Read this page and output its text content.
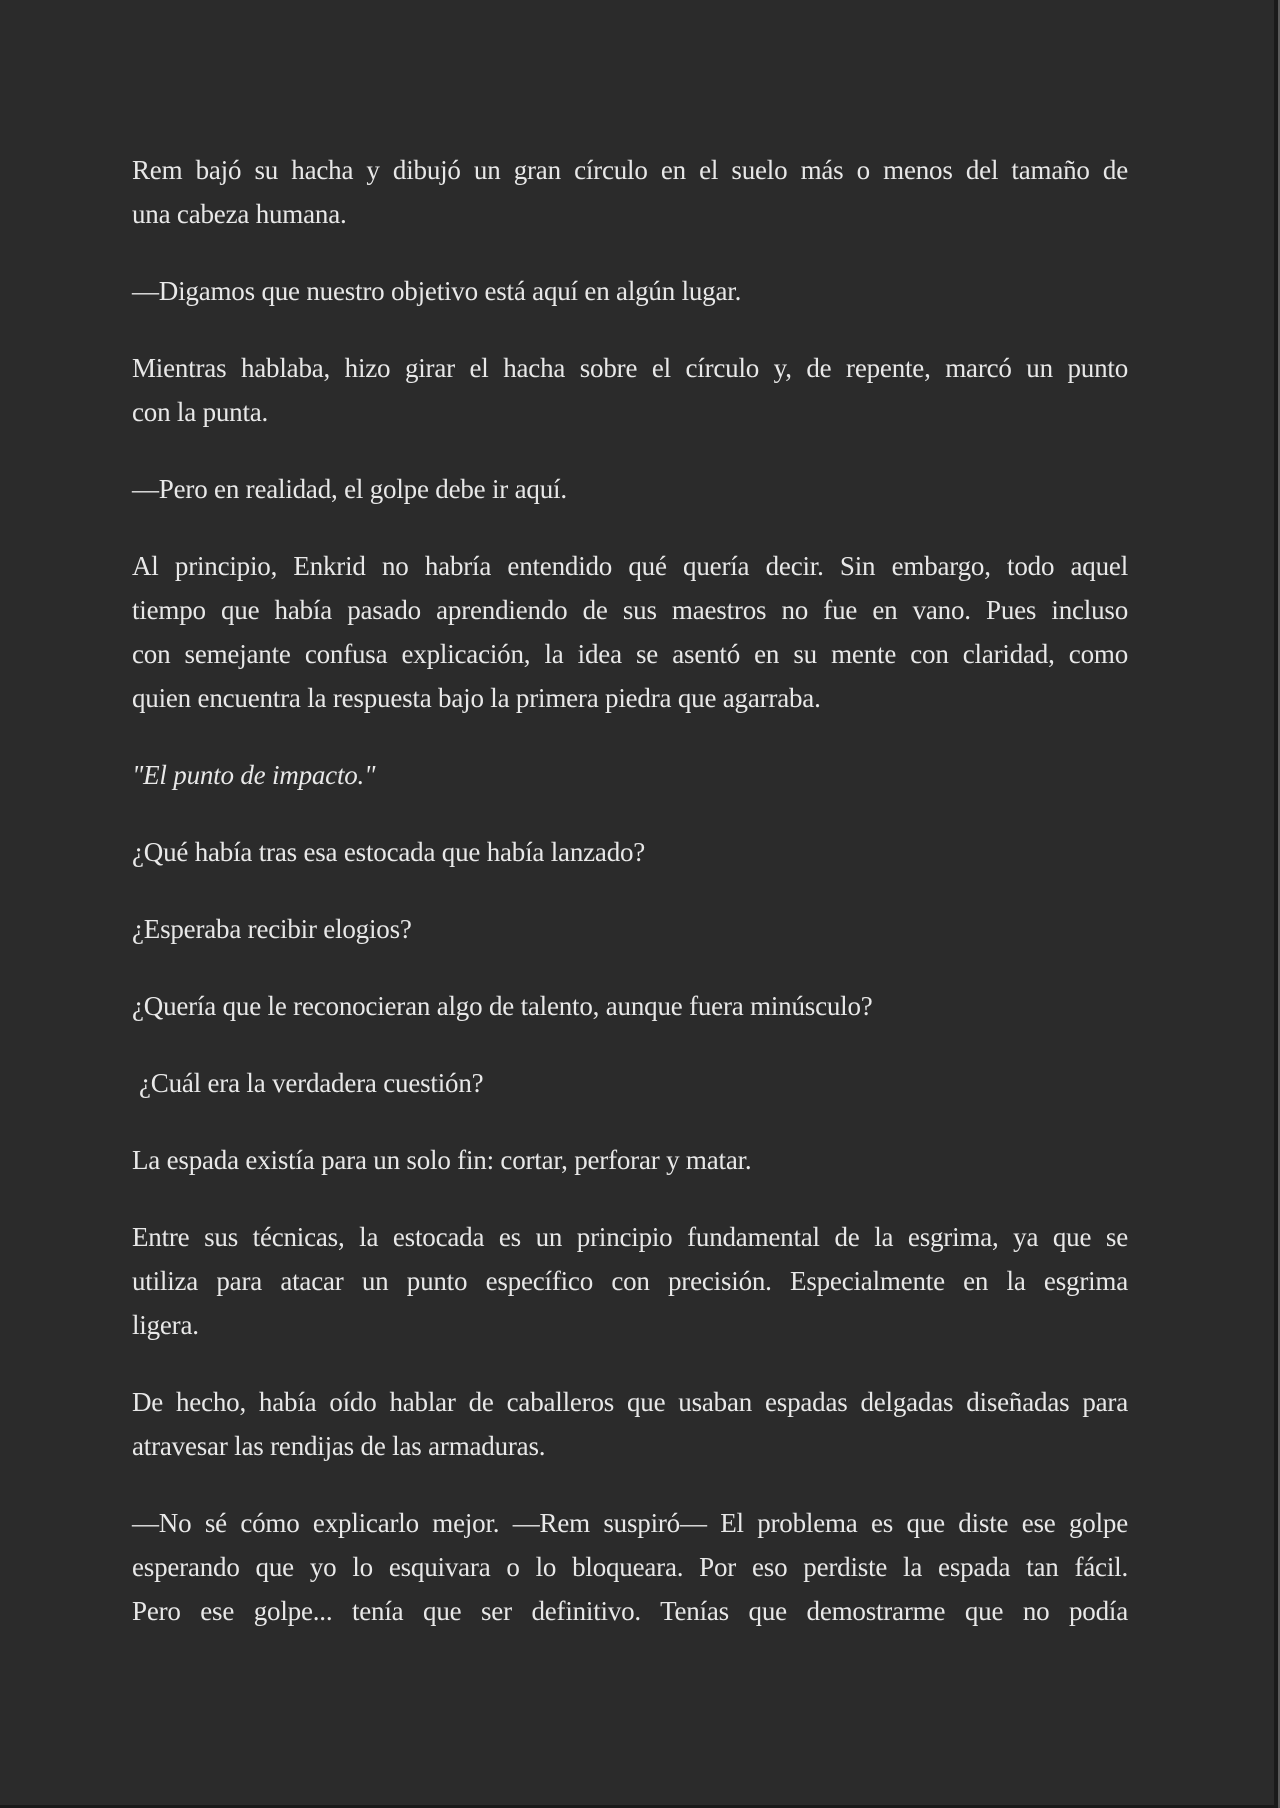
Rem bajó su hacha y dibujó un gran círculo en el suelo más o menos del tamaño de
una cabeza humana.

—Digamos que nuestro objetivo está aquí en algún lugar.

Mientras hablaba, hizo girar el hacha sobre el círculo y, de repente, marcó un punto
con la punta.

—Pero en realidad, el golpe debe ir aquí.

Al principio, Enkrid no habría entendido qué quería decir. Sin embargo, todo aquel
tiempo que había pasado aprendiendo de sus maestros no fue en vano. Pues incluso
con semejante confusa explicación, la idea se asentó en su mente con claridad, como
quien encuentra la respuesta bajo la primera piedra que agarraba.

"El punto de impacto."

¿Qué había tras esa estocada que había lanzado?

¿Esperaba recibir elogios?

¿Quería que le reconocieran algo de talento, aunque fuera minúsculo?

¿Cuál era la verdadera cuestión?

La espada existía para un solo fin: cortar, perforar y matar.

Entre sus técnicas, la estocada es un principio fundamental de la esgrima, ya que se
utiliza para atacar un punto específico con precisión. Especialmente en la esgrima
ligera.

De hecho, había oído hablar de caballeros que usaban espadas delgadas diseñadas para
atravesar las rendijas de las armaduras.

—No sé cómo explicarlo mejor. —Rem suspiró— El problema es que diste ese golpe
esperando que yo lo esquivara o lo bloqueara. Por eso perdiste la espada tan fácil.
Pero ese golpe... tenía que ser definitivo. Tenías que demostrarme que no podía
